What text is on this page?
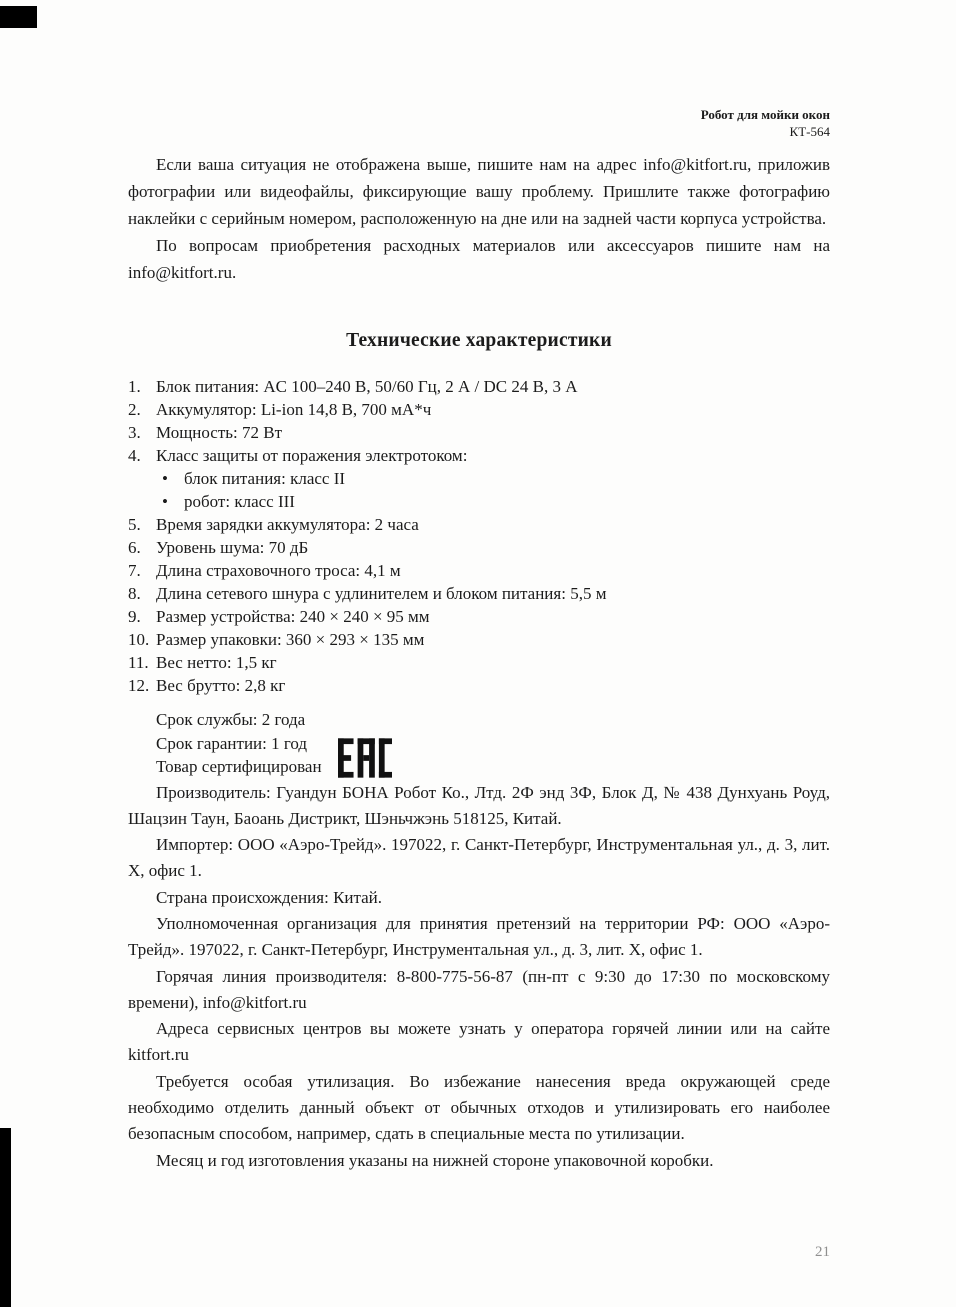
Робот для мойки окон
КТ-564

Если ваша ситуация не отображена выше, пишите нам на адрес info@kitfort.ru, приложив фотографии или видеофайлы, фиксирующие вашу проблему. Пришлите также фотографию наклейки с серийным номером, расположенную на дне или на задней части корпуса устройства.

По вопросам приобретения расходных материалов или аксессуаров пишите нам на info@kitfort.ru.

Технические характеристики
1. Блок питания: AC 100–240 В, 50/60 Гц, 2 А / DC 24 В, 3 А
2. Аккумулятор: Li-ion 14,8 В, 700 мА*ч
3. Мощность: 72 Вт
4. Класс защиты от поражения электротоком:
• блок питания: класс II
• робот: класс III
5. Время зарядки аккумулятора: 2 часа
6. Уровень шума: 70 дБ
7. Длина страховочного троса: 4,1 м
8. Длина сетевого шнура с удлинителем и блоком питания: 5,5 м
9. Размер устройства: 240 × 240 × 95 мм
10. Размер упаковки: 360 × 293 × 135 мм
11. Вес нетто: 1,5 кг
12. Вес брутто: 2,8 кг
Срок службы: 2 года
Срок гарантии: 1 год
Товар сертифицирован

Производитель: Гуандун БОНА Робот Ко., Лтд. 2Ф энд 3Ф, Блок Д, № 438 Дунхуань Роуд, Шацзин Таун, Баоань Дистрикт, Шэньчжэнь 518125, Китай.

Импортер: ООО «Аэро-Трейд». 197022, г. Санкт-Петербург, Инструментальная ул., д. 3, лит. Х, офис 1.

Страна происхождения: Китай.

Уполномоченная организация для принятия претензий на территории РФ: ООО «Аэро-Трейд». 197022, г. Санкт-Петербург, Инструментальная ул., д. 3, лит. Х, офис 1.

Горячая линия производителя: 8-800-775-56-87 (пн-пт с 9:30 до 17:30 по московскому времени), info@kitfort.ru

Адреса сервисных центров вы можете узнать у оператора горячей линии или на сайте kitfort.ru

Требуется особая утилизация. Во избежание нанесения вреда окружающей среде необходимо отделить данный объект от обычных отходов и утилизировать его наиболее безопасным способом, например, сдать в специальные места по утилизации.

Месяц и год изготовления указаны на нижней стороне упаковочной коробки.

21
